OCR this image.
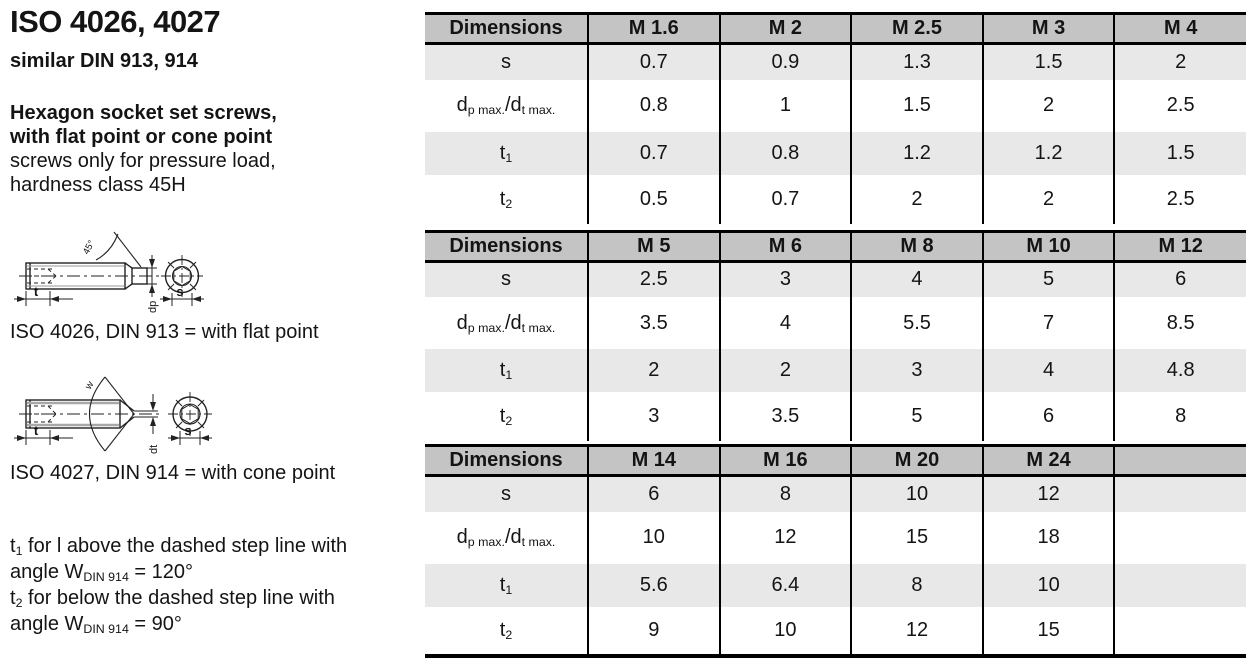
ISO 4026, 4027
similar DIN 913, 914
Hexagon socket set screws,
with flat point or cone point
screws only for pressure load,
hardness class 45H
t	s
dp
45°
ISO 4026, DIN 913 = with flat point
t	s
dt
w
ISO 4027, DIN 914 = with cone point
$t_1$ for l above the dashed step line with
angle $W_{DIN 914} = 120^\circ$
$t_2$ for below the dashed step line with
angle $W_{DIN 914} = 90^\circ$
Dimensions	M 1.6	M 2	M 2.5	M 3	M 4
s	0.7	0.9	1.3	1.5	2
$d_{p max.}/d_{t max.}$	0.8	1	1.5	2	2.5
$t_1$	0.7	0.8	1.2	1.2	1.5
$t_2$	0.5	0.7	2	2	2.5
Dimensions	M 5	M 6	M 8	M 10	M 12
s	2.5	3	4	5	6
$d_{p max.}/d_{t max.}$	3.5	4	5.5	7	8.5
$t_1$	2	2	3	4	4.8
$t_2$	3	3.5	5	6	8
Dimensions	M 14	M 16	M 20	M 24	
s	6	8	10	12	
$d_{p max.}/d_{t max.}$	10	12	15	18	
$t_1$	5.6	6.4	8	10	
$t_2$	9	10	12	15	
